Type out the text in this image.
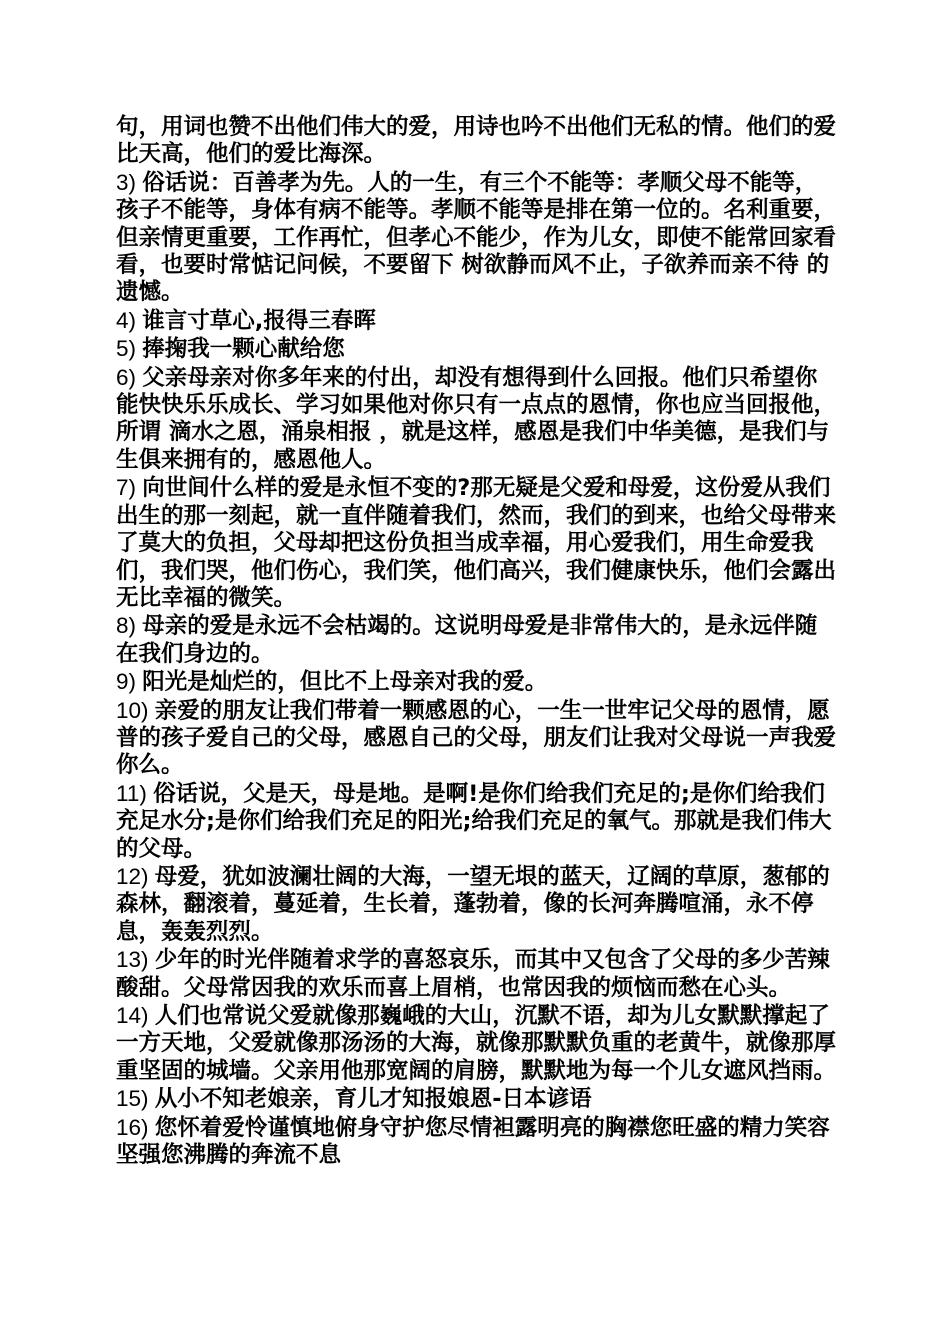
句，用词也赞不出他们伟大的爱，用诗也吟不出他们无私的情。他们的爱比天高，他们的爱比海深。

3) 俗话说：百善孝为先。人的一生，有三个不能等：孝顺父母不能等，孩子不能等，身体有病不能等。孝顺不能等是排在第一位的。名利重要，但亲情更重要，工作再忙，但孝心不能少，作为儿女，即使不能常回家看看，也要时常惦记问候，不要留下 树欲静而风不止，子欲养而亲不待 的遗憾。

4) 谁言寸草心,报得三春晖

5) 捧掬我一颗心献给您

6) 父亲母亲对你多年来的付出，却没有想得到什么回报。他们只希望你能快快乐乐成长、学习如果他对你只有一点点的恩情，你也应当回报他，所谓 滴水之恩，涌泉相报 ，就是这样，感恩是我们中华美德，是我们与生俱来拥有的，感恩他人。

7) 向世间什么样的爱是永恒不变的?那无疑是父爱和母爱，这份爱从我们出生的那一刻起，就一直伴随着我们，然而，我们的到来，也给父母带来了莫大的负担，父母却把这份负担当成幸福，用心爱我们，用生命爱我们，我们哭，他们伤心，我们笑，他们高兴，我们健康快乐，他们会露出无比幸福的微笑。

8) 母亲的爱是永远不会枯竭的。这说明母爱是非常伟大的，是永远伴随在我们身边的。

9) 阳光是灿烂的，但比不上母亲对我的爱。

10) 亲爱的朋友让我们带着一颗感恩的心，一生一世牢记父母的恩情，愿普的孩子爱自己的父母，感恩自己的父母，朋友们让我对父母说一声我爱你么。

11) 俗话说，父是天，母是地。是啊!是你们给我们充足的;是你们给我们充足水分;是你们给我们充足的阳光;给我们充足的氧气。那就是我们伟大的父母。

12) 母爱，犹如波澜壮阔的大海，一望无垠的蓝天，辽阔的草原，葱郁的森林，翻滚着，蔓延着，生长着，蓬勃着，像的长河奔腾喧涌，永不停息，轰轰烈烈。

13) 少年的时光伴随着求学的喜怒哀乐，而其中又包含了父母的多少苦辣酸甜。父母常因我的欢乐而喜上眉梢，也常因我的烦恼而愁在心头。

14) 人们也常说父爱就像那巍峨的大山，沉默不语，却为儿女默默撑起了一方天地，父爱就像那汤汤的大海，就像那默默负重的老黄牛，就像那厚重坚固的城墙。父亲用他那宽阔的肩膀，默默地为每一个儿女遮风挡雨。

15) 从小不知老娘亲，育儿才知报娘恩-日本谚语

16) 您怀着爱怜谨慎地俯身守护您尽情袒露明亮的胸襟您旺盛的精力笑容坚强您沸腾的奔流不息
